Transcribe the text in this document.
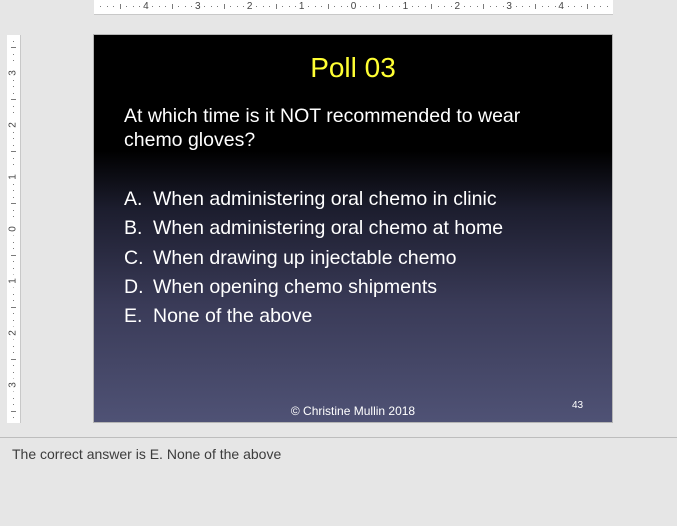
4	3	2	1	0	1	2	3	4
3
2
1
0
1
2
3
Poll 03
At which time is it NOT recommended to wear chemo gloves?
A. When administering oral chemo in clinic
B. When administering oral chemo at home
C. When drawing up injectable chemo
D. When opening chemo shipments
E. None of the above
© Christine Mullin 2018	43
The correct answer is E. None of the above
